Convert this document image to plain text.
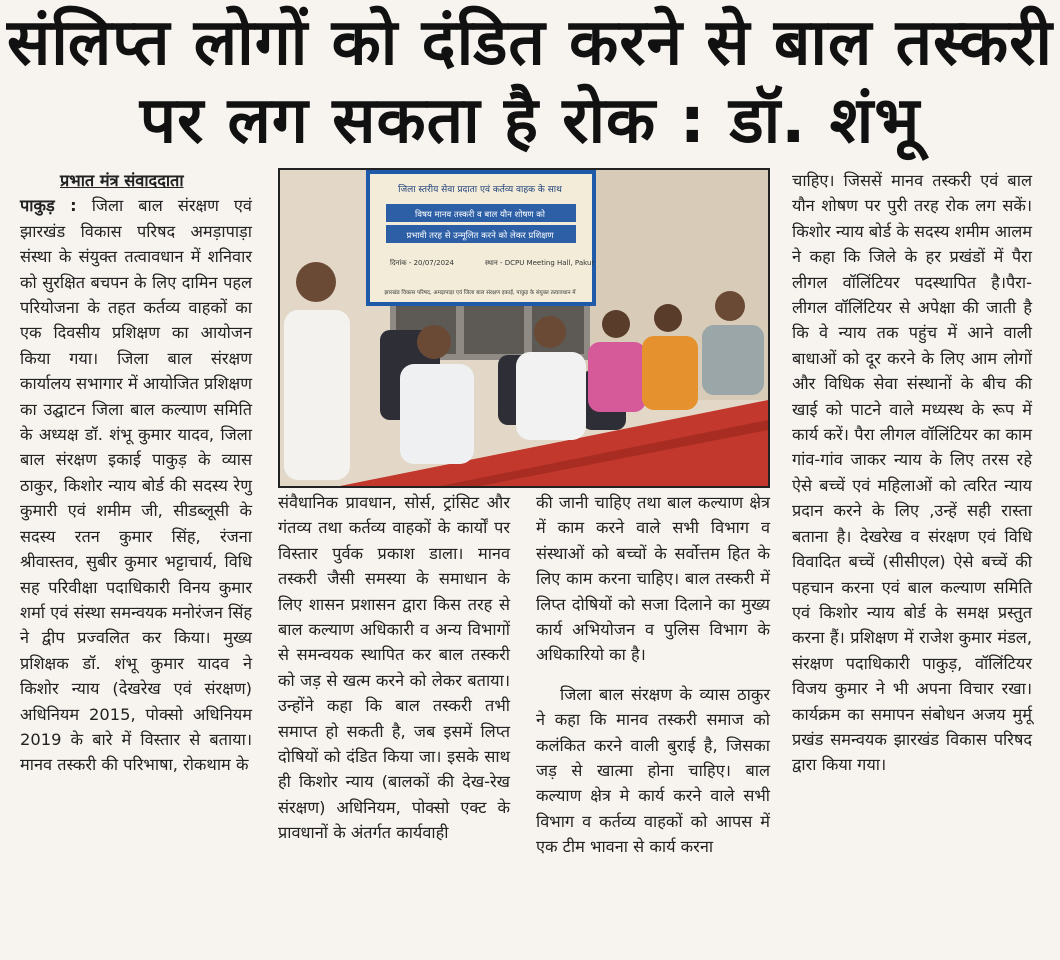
संलिप्त लोगों को दंडित करने से बाल तस्करी
पर लग सकता है रोक : डॉ. शंभू
प्रभात मंत्र संवाददाता

पाकुड़ : जिला बाल संरक्षण एवं झारखंड विकास परिषद अमड़ापाड़ा संस्था के संयुक्त तत्वावधान में शनिवार को सुरक्षित बचपन के लिए दामिन पहल परियोजना के तहत कर्तव्य वाहकों का एक दिवसीय प्रशिक्षण का आयोजन किया गया। जिला बाल संरक्षण कार्यालय सभागार में आयोजित प्रशिक्षण का उद्घाटन जिला बाल कल्याण समिति के अध्यक्ष डॉ. शंभू कुमार यादव, जिला बाल संरक्षण इकाई पाकुड़ के व्यास ठाकुर, किशोर न्याय बोर्ड की सदस्य रेणु कुमारी एवं शमीम जी, सीडब्लूसी के सदस्य रतन कुमार सिंह, रंजना श्रीवास्तव, सुबीर कुमार भट्टाचार्य, विधि सह परिवीक्षा पदाधिकारी विनय कुमार शर्मा एवं संस्था समन्वयक मनोरंजन सिंह ने द्वीप प्रज्वलित कर किया। मुख्य प्रशिक्षक डॉ. शंभू कुमार यादव ने किशोर न्याय (देखरेख एवं संरक्षण) अधिनियम 2015, पोक्सो अधिनियम 2019 के बारे में विस्तार से बताया। मानव तस्करी की परिभाषा, रोकथाम के

जिला स्तरीय सेवा प्रदाता एवं कर्तव्य वाहक के साथ
विषय मानव तस्करी व बाल यौन शोषण को
प्रभावी तरह से उन्मूलित करने को लेकर प्रशिक्षण
दिनांक - 20/07/2024	स्थान - DCPU Meeting Hall, Pakur
झारखंड विकास परिषद, अमड़ापाड़ा एवं जिला बाल संरक्षण इकाई, पाकुड़ के संयुक्त तत्वावधान में

संवैधानिक प्रावधान, सोर्स, ट्रांसिट और गंतव्य तथा कर्तव्य वाहकों के कार्यों पर विस्तार पुर्वक प्रकाश डाला। मानव तस्करी जैसी समस्या के समाधान के लिए शासन प्रशासन द्वारा किस तरह से बाल कल्याण अधिकारी व अन्य विभागों से समन्वयक स्थापित कर बाल तस्करी को जड़ से खत्म करने को लेकर बताया। उन्होंने कहा कि बाल तस्करी तभी समाप्त हो सकती है, जब इसमें लिप्त दोषियों को दंडित किया जा। इसके साथ ही किशोर न्याय (बालकों की देख-रेख संरक्षण) अधिनियम, पोक्सो एक्ट के प्रावधानों के अंतर्गत कार्यवाही

की जानी चाहिए तथा बाल कल्याण क्षेत्र में काम करने वाले सभी विभाग व संस्थाओं को बच्चों के सर्वोत्तम हित के लिए काम करना चाहिए। बाल तस्करी में लिप्त दोषियों को सजा दिलाने का मुख्य कार्य अभियोजन व पुलिस विभाग के अधिकारियो का है।

जिला बाल संरक्षण के व्यास ठाकुर ने कहा कि मानव तस्करी समाज को कलंकित करने वाली बुराई है, जिसका जड़ से खात्मा होना चाहिए। बाल कल्याण क्षेत्र मे कार्य करने वाले सभी विभाग व कर्तव्य वाहकों को आपस में एक टीम भावना से कार्य करना

चाहिए। जिससें मानव तस्करी एवं बाल यौन शोषण पर पुरी तरह रोक लग सकें।किशोर न्याय बोर्ड के सदस्य शमीम आलम ने कहा कि जिले के हर प्रखंडों में पैरा लीगल वॉलिंटियर पदस्थापित है।पैरा-लीगल वॉलिंटियर से अपेक्षा की जाती है कि वे न्याय तक पहुंच में आने वाली बाधाओं को दूर करने के लिए आम लोगों और विधिक सेवा संस्थानों के बीच की खाई को पाटने वाले मध्यस्थ के रूप में कार्य करें। पैरा लीगल वॉलिंटियर का काम गांव-गांव जाकर न्याय के लिए तरस रहे ऐसे बच्चें एवं महिलाओं को त्वरित न्याय प्रदान करने के लिए ,उन्हें सही रास्ता बताना है। देखरेख व संरक्षण एवं विधि विवादित बच्चें (सीसीएल) ऐसे बच्चें की पहचान करना एवं बाल कल्याण समिति एवं किशोर न्याय बोर्ड के समक्ष प्रस्तुत करना हैं। प्रशिक्षण में राजेश कुमार मंडल, संरक्षण पदाधिकारी पाकुड़, वॉलिंटियर विजय कुमार ने भी अपना विचार रखा। कार्यक्रम का समापन संबोधन अजय मुर्मू प्रखंड समन्वयक झारखंड विकास परिषद द्वारा किया गया।
